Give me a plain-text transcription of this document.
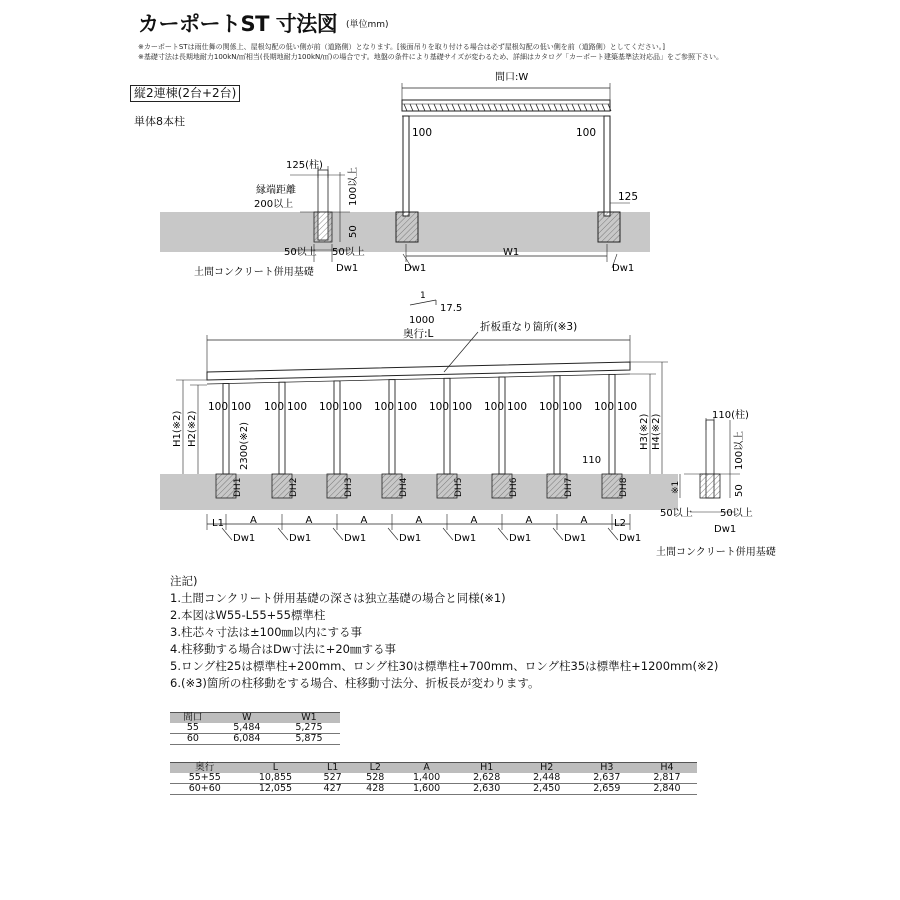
カーポートST 寸法図 (単位mm)
※カーポートSTは雨仕舞の関係上、屋根勾配の低い側が前（道路側）となります。[後面吊りを取り付ける場合は必ず屋根勾配の低い側を前（道路側）としてください。]
※基礎寸法は長期地耐力100kN/㎡相当(長期地耐力100kN/㎡)の場合です。地盤の条件により基礎サイズが変わるため、詳細はカタログ「カーポート建築基準法対応品」をご参照下さい。
縦2連棟(2台+2台)
単体8本柱
間口:W
100	100
125
W1
Dw1	Dw1
125(柱)
縁端距離
200以上	100以上
50
50以上 50以上
Dw1
土間コンクリート併用基礎
1
17.5
1000
奥行:L
折板重なり箇所(※3)
H1(※2) H2(※2)	H3(※2) H4(※2)
2300(※2)	110
L1	L2
100 100
DH1
Dw1
100 100
DH2
Dw1
100 100
DH3
Dw1
100 100
DH4
Dw1
100 100
DH5
Dw1
100 100
DH6
Dw1
100 100
DH7
Dw1
100 100
DH8
Dw1
A	A	A	A	A	A	A
110(柱)
100以上
50
※1
50以上	50以上
Dw1
土間コンクリート併用基礎
注記)
1.土間コンクリート併用基礎の深さは独立基礎の場合と同様(※1)
2.本図はW55-L55+55標準柱
3.柱芯々寸法は±100㎜以内にする事
4.柱移動する場合はDw寸法に+20㎜する事
5.ロング柱25は標準柱+200mm、ロング柱30は標準柱+700mm、ロング柱35は標準柱+1200mm(※2)
6.(※3)箇所の柱移動をする場合、柱移動寸法分、折板長が変わります。
間口	W	W1
55	5,484	5,275
60	6,084	5,875
奥行	L	L1	L2	A	H1	H2	H3	H4
55+55	10,855	527	528	1,400	2,628	2,448	2,637	2,817
60+60	12,055	427	428	1,600	2,630	2,450	2,659	2,840
